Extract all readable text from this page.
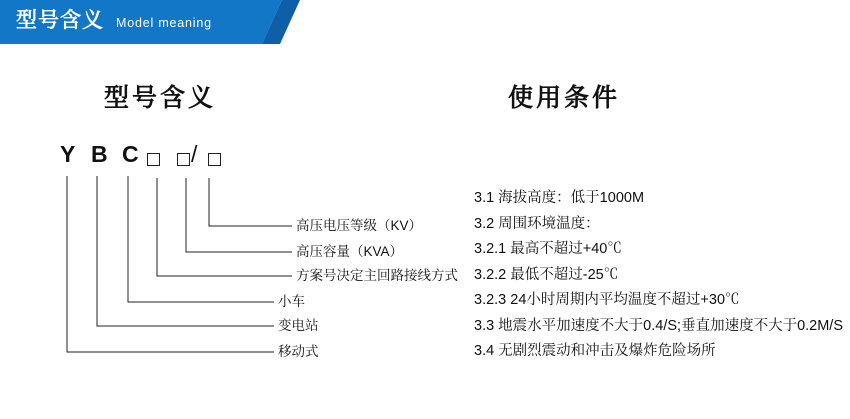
型号含义 Model meaning
型号含义	使用条件
Y B C /
高压电压等级（KV）
高压容量（KVA）
方案号决定主回路接线方式
小车
变电站
移动式
3.1 海拔高度：低于1000M
3.2 周围环境温度：
3.2.1 最高不超过+40℃
3.2.2 最低不超过-25℃
3.2.3 24小时周期内平均温度不超过+30℃
3.3 地震水平加速度不大于0.4/S;垂直加速度不大于0.2M/S
3.4 无剧烈震动和冲击及爆炸危险场所
